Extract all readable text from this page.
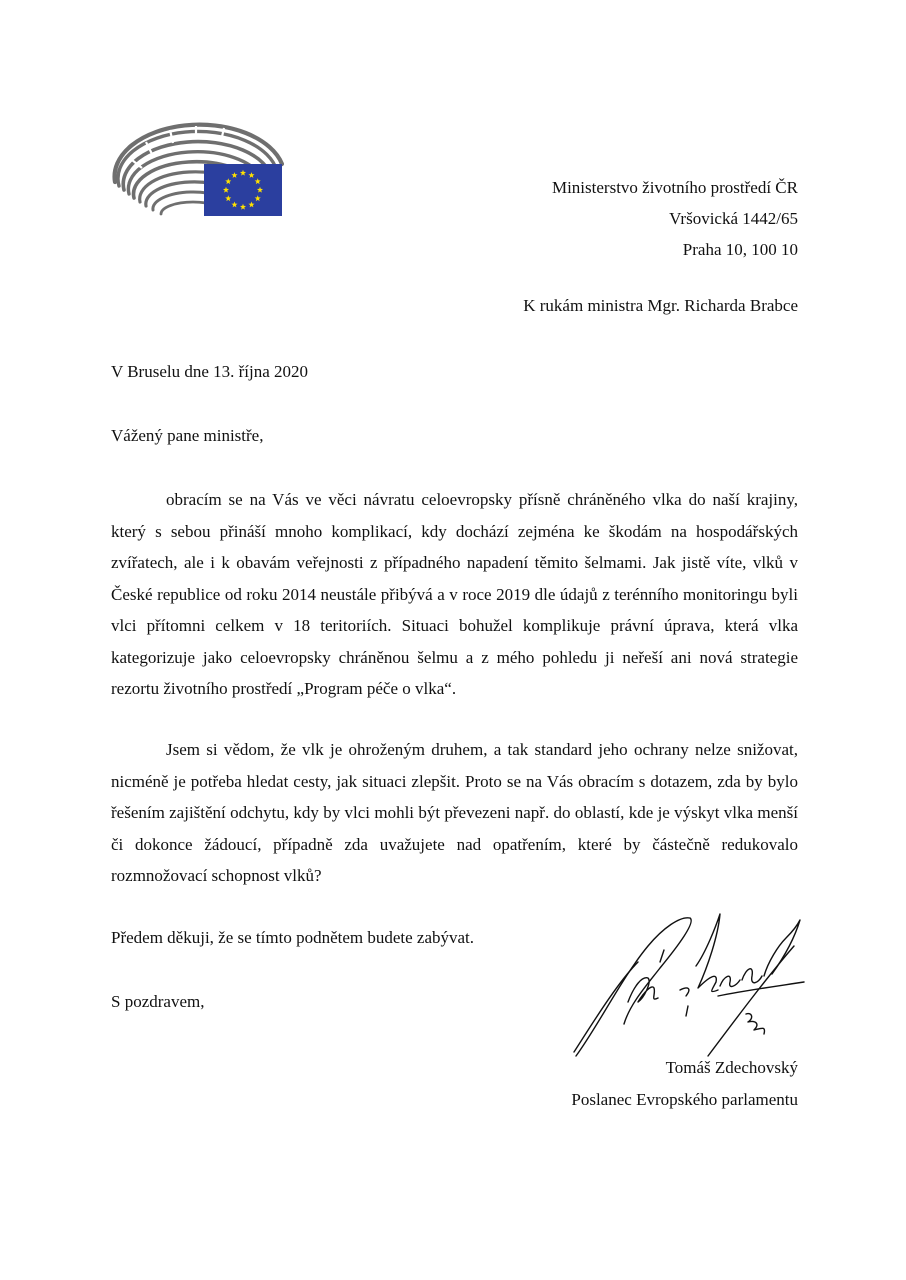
Ministerstvo životního prostředí ČR
Vršovická 1442/65
Praha 10, 100 10
K rukám ministra Mgr. Richarda Brabce
V Bruselu dne 13. října 2020
Vážený pane ministře,

obracím se na Vás ve věci návratu celoevropsky přísně chráněného vlka do naší krajiny, který s sebou přináší mnoho komplikací, kdy dochází zejména ke škodám na hospodářských zvířatech, ale i k obavám veřejnosti z případného napadení těmito šelmami. Jak jistě víte, vlků v České republice od roku 2014 neustále přibývá a v roce 2019 dle údajů z terénního monitoringu byli vlci přítomni celkem v 18 teritoriích. Situaci bohužel komplikuje právní úprava, která vlka kategorizuje jako celoevropsky chráněnou šelmu a z mého pohledu ji neřeší ani nová strategie rezortu životního prostředí „Program péče o vlka“.

Jsem si vědom, že vlk je ohroženým druhem, a tak standard jeho ochrany nelze snižovat, nicméně je potřeba hledat cesty, jak situaci zlepšit. Proto se na Vás obracím s dotazem, zda by bylo řešením zajištění odchytu, kdy by vlci mohli být převezeni např. do oblastí, kde je výskyt vlka menší či dokonce žádoucí, případně zda uvažujete nad opatřením, které by částečně redukovalo rozmnožovací schopnost vlků?

Předem děkuji, že se tímto podnětem budete zabývat.
S pozdravem,
Tomáš Zdechovský
Poslanec Evropského parlamentu
